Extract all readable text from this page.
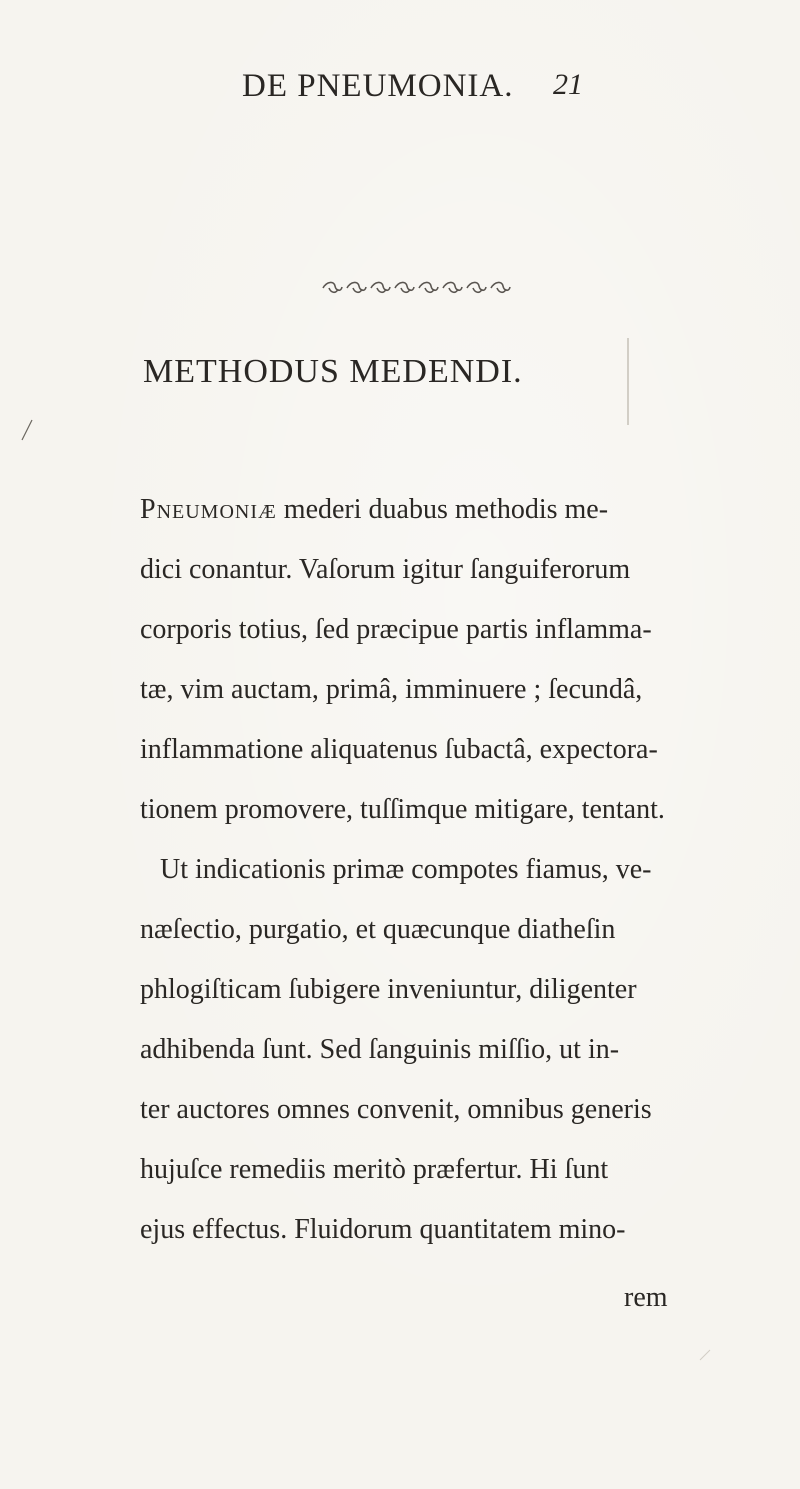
DE PNEUMONIA. 21
METHODUS MEDENDI.
Pneumoniæ mederi duabus methodis me-
dici conantur. Vaſorum igitur ſanguiferorum
corporis totius, ſed præcipue partis inflamma-
tæ, vim auctam, primâ, imminuere ; ſecundâ,
inflammatione aliquatenus ſubactâ, expectora-
tionem promovere, tuſſimque mitigare, tentant.
Ut indicationis primæ compotes fiamus, ve-
næſectio, purgatio, et quæcunque diatheſin
phlogiſticam ſubigere inveniuntur, diligenter
adhibenda ſunt. Sed ſanguinis miſſio, ut in-
ter auctores omnes convenit, omnibus generis
hujuſce remediis meritò præfertur. Hi ſunt
ejus effectus. Fluidorum quantitatem mino-
rem
